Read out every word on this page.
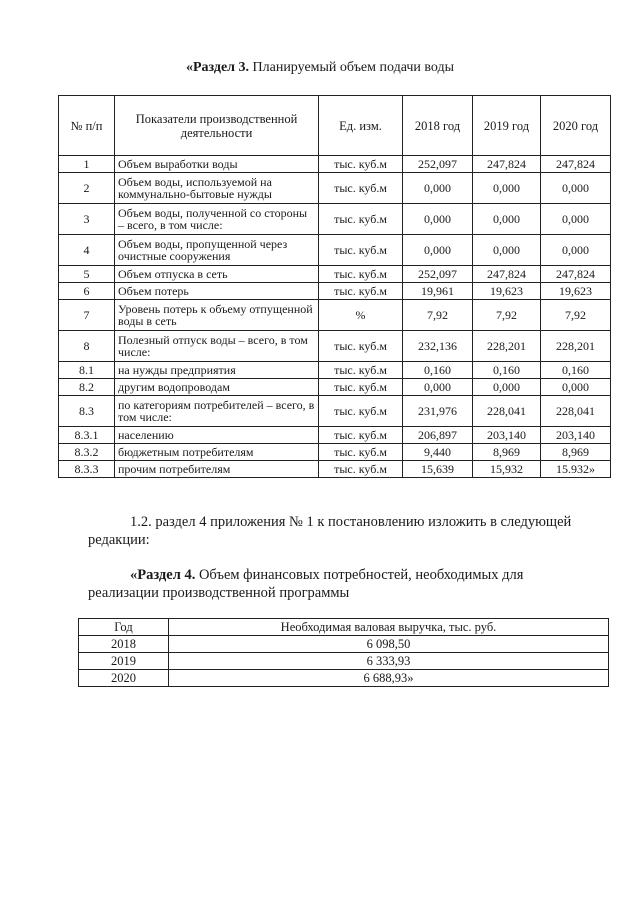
«Раздел 3. Планируемый объем подачи воды
№ п/п	Показатели производственной деятельности	Ед. изм.	2018 год	2019 год	2020 год
1	Объем выработки воды	тыс. куб.м	252,097	247,824	247,824
2	Объем воды, используемой на коммунально-бытовые нужды	тыс. куб.м	0,000	0,000	0,000
3	Объем воды, полученной со стороны – всего, в том числе:	тыс. куб.м	0,000	0,000	0,000
4	Объем воды, пропущенной через очистные сооружения	тыс. куб.м	0,000	0,000	0,000
5	Объем отпуска в сеть	тыс. куб.м	252,097	247,824	247,824
6	Объем потерь	тыс. куб.м	19,961	19,623	19,623
7	Уровень потерь к объему отпущенной воды в сеть	%	7,92	7,92	7,92
8	Полезный отпуск воды – всего, в том числе:	тыс. куб.м	232,136	228,201	228,201
8.1	на нужды предприятия	тыс. куб.м	0,160	0,160	0,160
8.2	другим водопроводам	тыс. куб.м	0,000	0,000	0,000
8.3	по категориям потребителей – всего, в том числе:	тыс. куб.м	231,976	228,041	228,041
8.3.1	населению	тыс. куб.м	206,897	203,140	203,140
8.3.2	бюджетным потребителям	тыс. куб.м	9,440	8,969	8,969
8.3.3	прочим потребителям	тыс. куб.м	15,639	15,932	15.932»
1.2. раздел 4 приложения № 1 к постановлению изложить в следующей
редакции:
«Раздел 4. Объем финансовых потребностей, необходимых для
реализации производственной программы
Год	Необходимая валовая выручка, тыс. руб.
2018	6 098,50
2019	6 333,93
2020	6 688,93»
